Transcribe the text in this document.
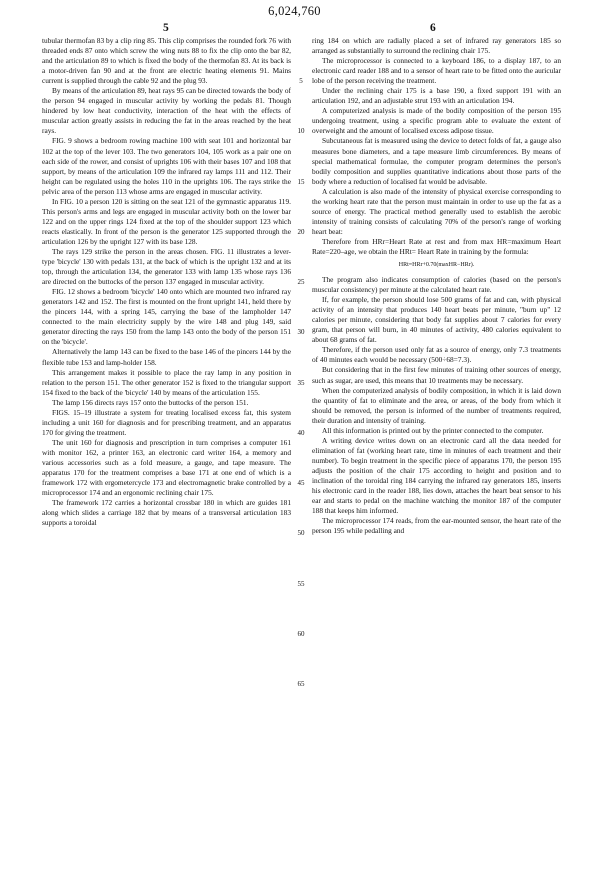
6,024,760
5	6

tubular thermofan 83 by a clip ring 85. This clip comprises the rounded fork 76 with threaded ends 87 onto which screw the wing nuts 88 to fix the clip onto the bar 82, and the articulation 89 to which is fixed the body of the thermofan 83. At its back is a motor-driven fan 90 and at the front are electric heating elements 91. Mains current is supplied through the cable 92 and the plug 93.

By means of the articulation 89, heat rays 95 can be directed towards the body of the person 94 engaged in muscular activity by working the pedals 81. Though hindered by low heat conductivity, interaction of the heat with the effects of muscular action greatly assists in reducing the fat in the areas reached by the heat rays.

FIG. 9 shows a bedroom rowing machine 100 with seat 101 and horizontal bar 102 at the top of the lever 103. The two generators 104, 105 work as a pair one on each side of the rower, and consist of uprights 106 with their bases 107 and 108 that support, by means of the articulation 109 the infrared ray lamps 111 and 112. Their height can be regulated using the holes 110 in the uprights 106. The rays strike the pelvic area of the person 113 whose arms are engaged in muscular activity.

In FIG. 10 a person 120 is sitting on the seat 121 of the gymnastic apparatus 119. This person's arms and legs are engaged in muscular activity both on the lower bar 122 and on the upper rings 124 fixed at the top of the shoulder support 123 which reacts elastically. In front of the person is the generator 125 supported through the articulation 126 by the upright 127 with its base 128.

The rays 129 strike the person in the areas chosen. FIG. 11 illustrates a lever-type 'bicycle' 130 with pedals 131, at the back of which is the upright 132 and at its top, through the articulation 134, the generator 133 with lamp 135 whose rays 136 are directed on the buttocks of the person 137 engaged in muscular activity.

FIG. 12 shows a bedroom 'bicycle' 140 onto which are mounted two infrared ray generators 142 and 152. The first is mounted on the front upright 141, held there by the pincers 144, with a spring 145, carrying the base of the lampholder 147 connected to the main electricity supply by the wire 148 and plug 149, said generator directing the rays 150 from the lamp 143 onto the body of the person 151 on the 'bicycle'.

Alternatively the lamp 143 can be fixed to the base 146 of the pincers 144 by the flexible tube 153 and lamp-holder 158.

This arrangement makes it possible to place the ray lamp in any position in relation to the person 151. The other generator 152 is fixed to the triangular support 154 fixed to the back of the 'bicycle' 140 by means of the articulation 155.

The lamp 156 directs rays 157 onto the buttocks of the person 151.

FIGS. 15–19 illustrate a system for treating localised excess fat, this system including a unit 160 for diagnosis and for prescribing treatment, and an apparatus 170 for giving the treatment.

The unit 160 for diagnosis and prescription in turn comprises a computer 161 with monitor 162, a printer 163, an electronic card writer 164, a memory and various accessories such as a fold measure, a gauge, and tape measure. The apparatus 170 for the treatment comprises a base 171 at one end of which is a framework 172 with ergometercycle 173 and electromagnetic brake controlled by a microprocessor 174 and an ergonomic reclining chair 175.

The framework 172 carries a horizontal crossbar 180 in which are guides 181 along which slides a carriage 182 that by means of a transversal articulation 183 supports a toroidal

5
10
15
20
25
30
35
40
45
50
55
60
65

ring 184 on which are radially placed a set of infrared ray generators 185 so arranged as substantially to surround the reclining chair 175.

The microprocessor is connected to a keyboard 186, to a display 187, to an electronic card reader 188 and to a sensor of heart rate to be fitted onto the auricular lobe of the person receiving the treatment.

Under the reclining chair 175 is a base 190, a fixed support 191 with an articulation 192, and an adjustable strut 193 with an articulation 194.

A computerized analysis is made of the bodily composition of the person 195 undergoing treatment, using a specific program able to evaluate the extent of overweight and the amount of localised excess adipose tissue.

Subcutaneous fat is measured using the device to detect folds of fat, a gauge also measures bone diameters, and a tape measure limb circumferences. By means of special mathematical formulae, the computer program determines the person's bodily composition and supplies quantitative indications about those parts of the body where a reduction of localised fat would be advisable.

A calculation is also made of the intensity of physical exercise corresponding to the working heart rate that the person must maintain in order to use up the fat as a source of energy. The practical method generally used to establish the aerobic intensity of training consists of calculating 70% of the person's range of working heart beat:

Therefore from HRr=Heart Rate at rest and from max HR=maximum Heart Rate=220–age, we obtain the HRt= Heart Rate in training by the formula:

HRt=HRr+0.70(maxHR−HRr).

The program also indicates consumption of calories (based on the person's muscular consistency) per minute at the calculated heart rate.

If, for example, the person should lose 500 grams of fat and can, with physical activity of an intensity that produces 140 heart beats per minute, "burn up" 12 calories per minute, considering that body fat supplies about 7 calories for every gram, that person will burn, in 40 minutes of activity, 480 calories equivalent to about 68 grams of fat.

Therefore, if the person used only fat as a source of energy, only 7.3 treatments of 40 minutes each would be necessary (500÷68=7.3).

But considering that in the first few minutes of training other sources of energy, such as sugar, are used, this means that 10 treatments may be necessary.

When the computerized analysis of bodily composition, in which it is laid down the quantity of fat to eliminate and the area, or areas, of the body from which it should be removed, the person is informed of the number of treatments required, their duration and intensity of training.

All this information is printed out by the printer connected to the computer.

A writing device writes down on an electronic card all the data needed for elimination of fat (working heart rate, time in minutes of each treatment and their number). To begin treatment in the specific piece of apparatus 170, the person 195 adjusts the position of the chair 175 according to height and position and to inclination of the toroidal ring 184 carrying the infrared ray generators 185, inserts his electronic card in the reader 188, lies down, attaches the heart beat sensor to his ear and starts to pedal on the machine watching the monitor 187 of the computer 188 that keeps him informed.

The microprocessor 174 reads, from the ear-mounted sensor, the heart rate of the person 195 while pedalling and
